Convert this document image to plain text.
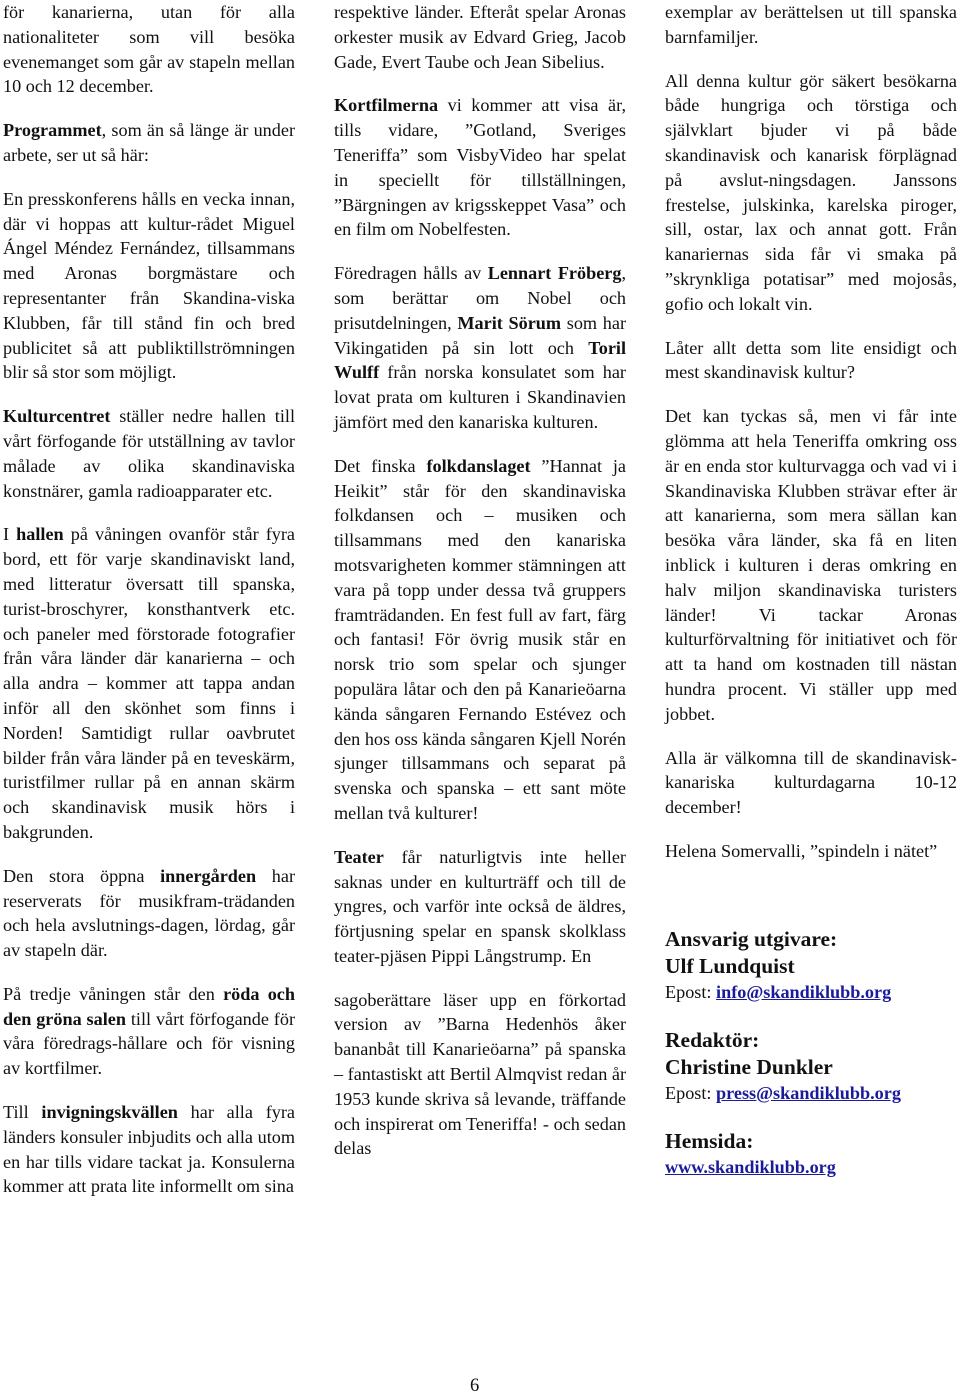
för kanarierna, utan för alla nationaliteter som vill besöka evenemanget som går av stapeln mellan 10 och 12 december.

Programmet, som än så länge är under arbete, ser ut så här:

En presskonferens hålls en vecka innan, där vi hoppas att kultur-rådet Miguel Ángel Méndez Fernández, tillsammans med Aronas borgmästare och representanter från Skandina-viska Klubben, får till stånd fin och bred publicitet så att publiktillströmningen blir så stor som möjligt.

Kulturcentret ställer nedre hallen till vårt förfogande för utställning av tavlor målade av olika skandinaviska konstnärer, gamla radioapparater etc.

I hallen på våningen ovanför står fyra bord, ett för varje skandinaviskt land, med litteratur översatt till spanska, turist-broschyrer, konsthantverk etc. och paneler med förstorade fotografier från våra länder där kanarierna – och alla andra – kommer att tappa andan inför all den skönhet som finns i Norden! Samtidigt rullar oavbrutet bilder från våra länder på en teveskärm, turistfilmer rullar på en annan skärm och skandinavisk musik hörs i bakgrunden.

Den stora öppna innergården har reserverats för musikfram-trädanden och hela avslutnings-dagen, lördag, går av stapeln där.

På tredje våningen står den röda och den gröna salen till vårt förfogande för våra föredrags-hållare och för visning av kortfilmer.

Till invigningskvällen har alla fyra länders konsuler inbjudits och alla utom en har tills vidare tackat ja. Konsulerna kommer att prata lite informellt om sina

respektive länder. Efteråt spelar Aronas orkester musik av Edvard Grieg, Jacob Gade, Evert Taube och Jean Sibelius.

Kortfilmerna vi kommer att visa är, tills vidare, ”Gotland, Sveriges Teneriffa” som VisbyVideo har spelat in speciellt för tillställningen, ”Bärgningen av krigsskeppet Vasa” och en film om Nobelfesten.

Föredragen hålls av Lennart Fröberg, som berättar om Nobel och prisutdelningen, Marit Sörum som har Vikingatiden på sin lott och Toril Wulff från norska konsulatet som har lovat prata om kulturen i Skandinavien jämfört med den kanariska kulturen.

Det finska folkdanslaget ”Hannat ja Heikit” står för den skandinaviska folkdansen och – musiken och tillsammans med den kanariska motsvarigheten kommer stämningen att vara på topp under dessa två gruppers framträdanden. En fest full av fart, färg och fantasi! För övrig musik står en norsk trio som spelar och sjunger populära låtar och den på Kanarieöarna kända sångaren Fernando Estévez och den hos oss kända sångaren Kjell Norén sjunger tillsammans och separat på svenska och spanska – ett sant möte mellan två kulturer!

Teater får naturligtvis inte heller saknas under en kulturträff och till de yngres, och varför inte också de äldres, förtjusning spelar en spansk skolklass teater-pjäsen Pippi Långstrump. En

sagoberättare läser upp en förkortad version av ”Barna Hedenhös åker bananbåt till Kanarieöarna” på spanska – fantastiskt att Bertil Almqvist redan år 1953 kunde skriva så levande, träffande och inspirerat om Teneriffa! - och sedan delas

exemplar av berättelsen ut till spanska barnfamiljer.

All denna kultur gör säkert besökarna både hungriga och törstiga och självklart bjuder vi på både skandinavisk och kanarisk förplägnad på avslut-ningsdagen. Janssons frestelse, julskinka, karelska piroger, sill, ostar, lax och annat gott. Från kanariernas sida får vi smaka på ”skrynkliga potatisar” med mojosås, gofio och lokalt vin.

Låter allt detta som lite ensidigt och mest skandinavisk kultur?

Det kan tyckas så, men vi får inte glömma att hela Teneriffa omkring oss är en enda stor kulturvagga och vad vi i Skandinaviska Klubben strävar efter är att kanarierna, som mera sällan kan besöka våra länder, ska få en liten inblick i kulturen i deras omkring en halv miljon skandinaviska turisters länder! Vi tackar Aronas kulturförvaltning för initiativet och för att ta hand om kostnaden till nästan hundra procent. Vi ställer upp med jobbet.

Alla är välkomna till de skandinavisk-kanariska kulturdagarna 10-12 december!

Helena Somervalli, ”spindeln i nätet”

Ansvarig utgivare:
Ulf Lundquist

Epost: info@skandiklubb.org

Redaktör:
Christine Dunkler

Epost: press@skandiklubb.org

Hemsida:

www.skandiklubb.org

6
